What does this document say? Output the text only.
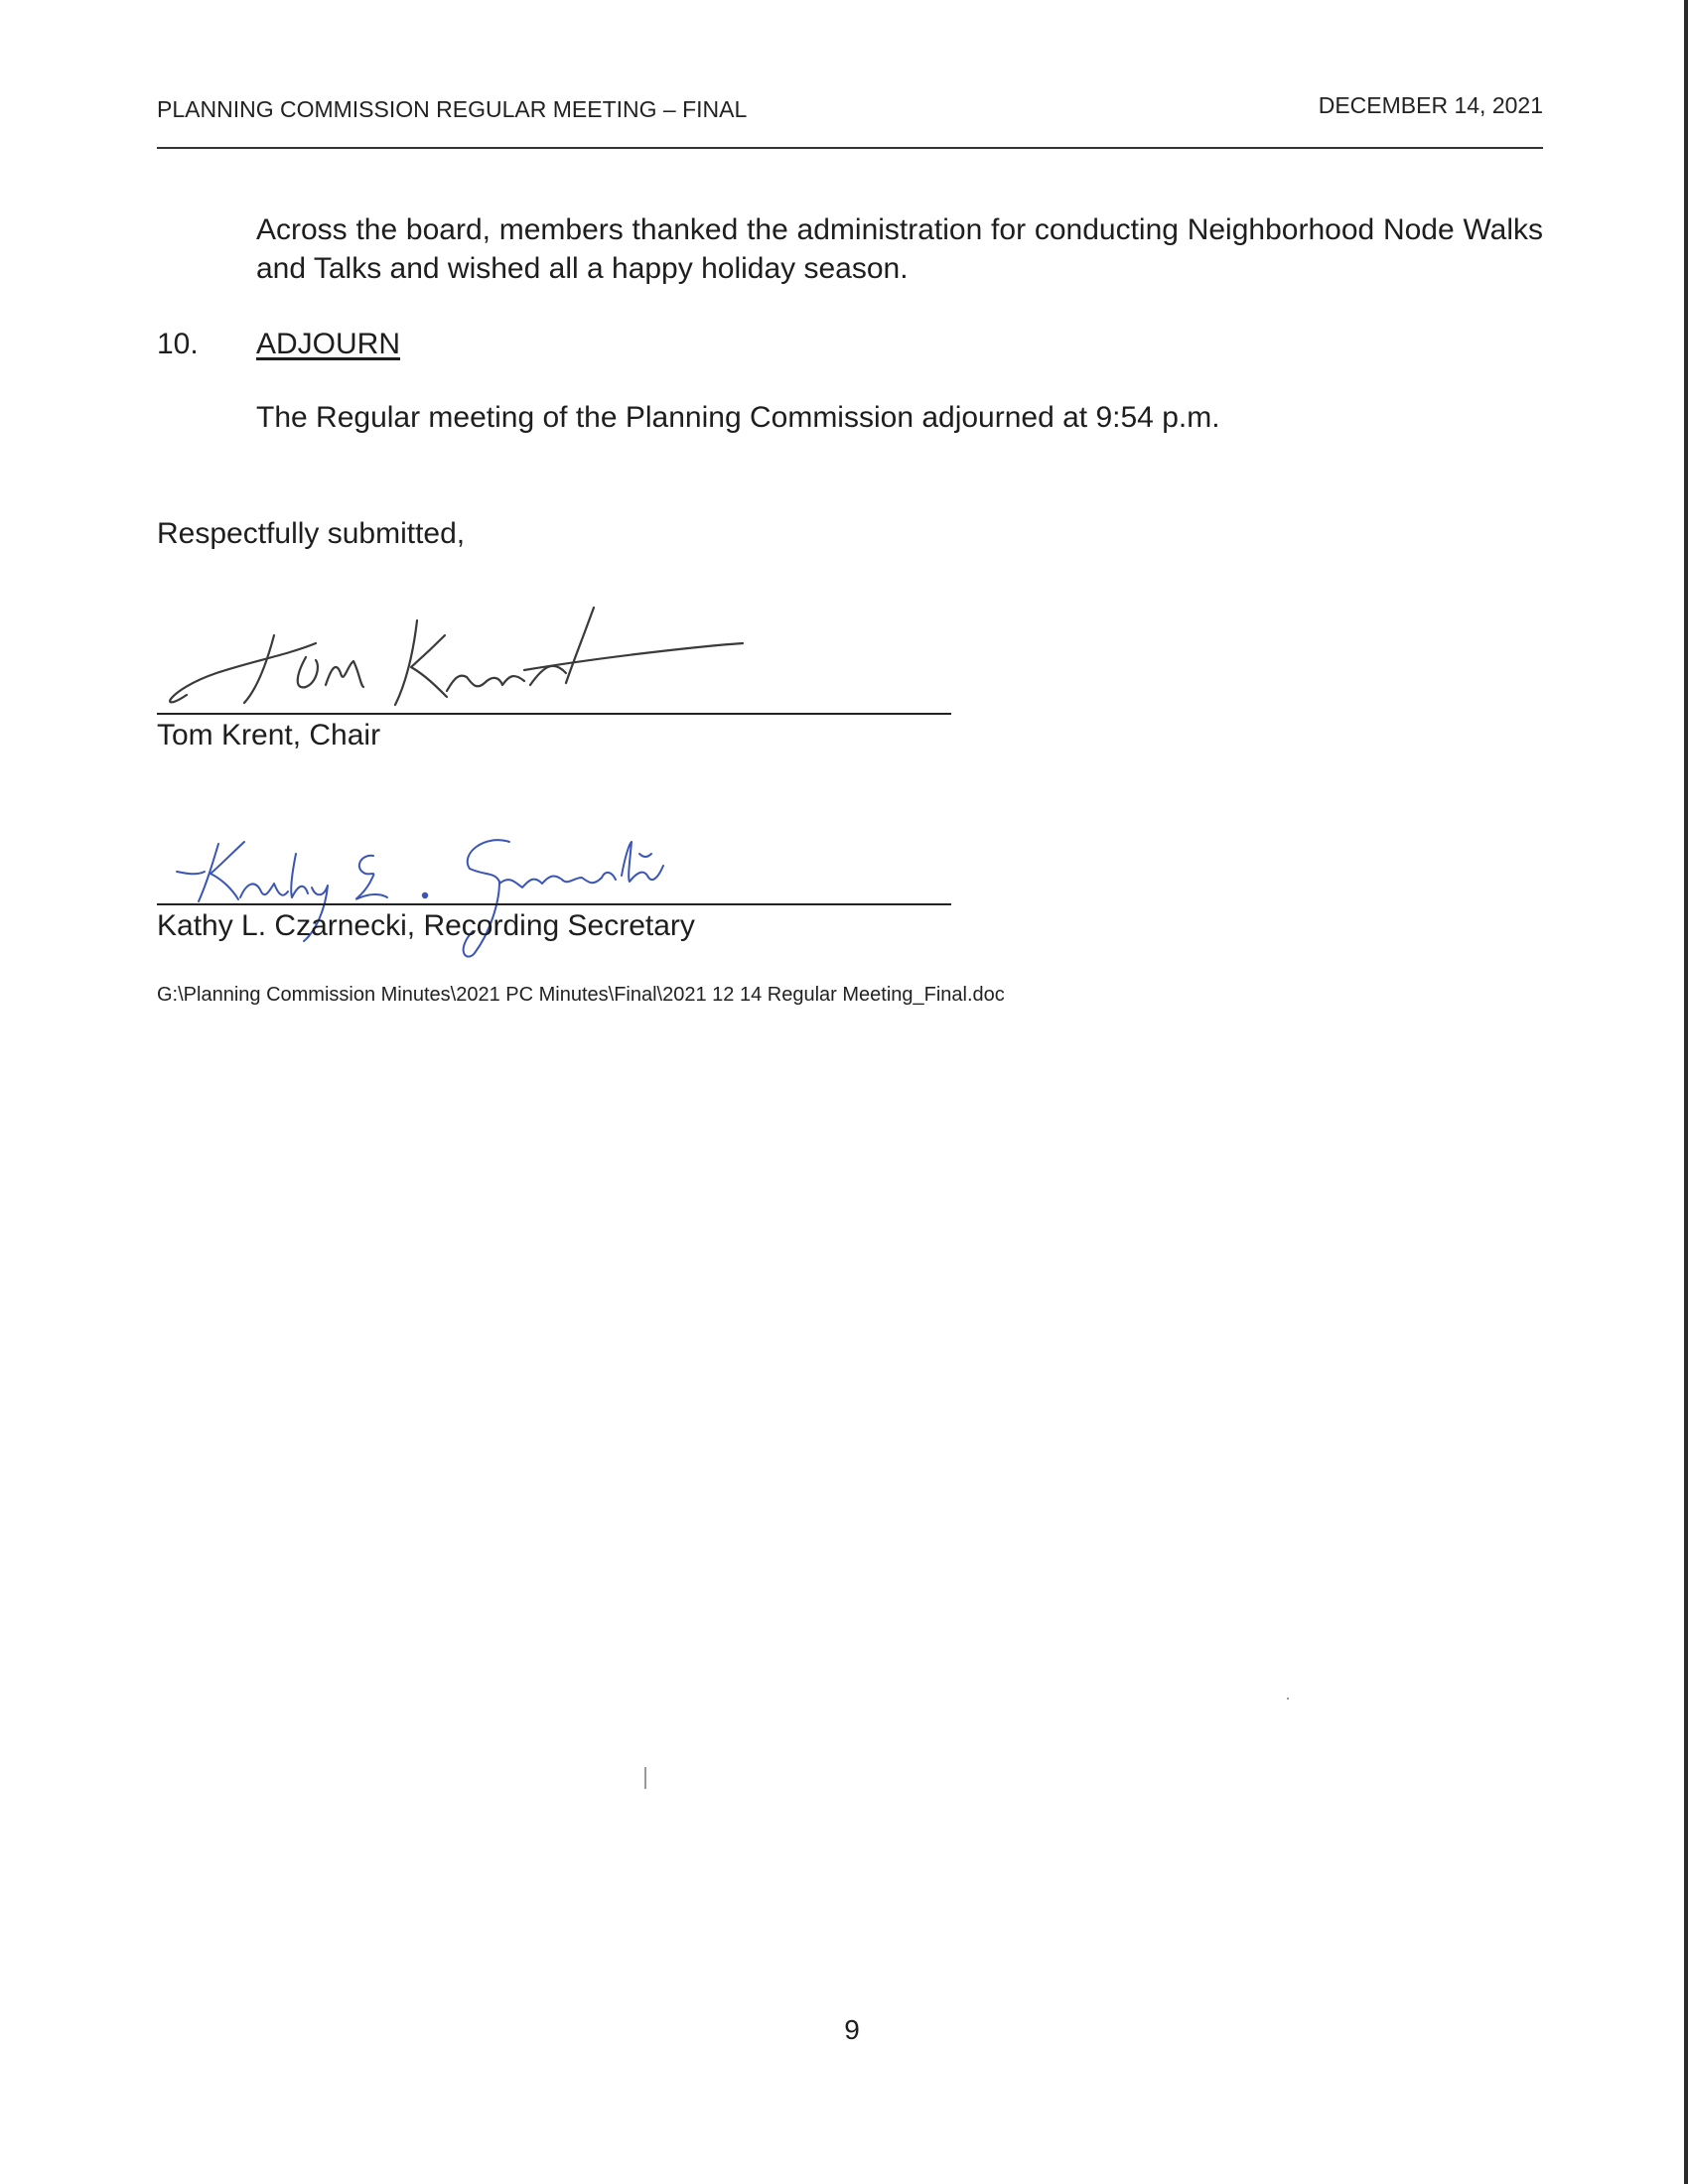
PLANNING COMMISSION REGULAR MEETING – FINAL	DECEMBER 14, 2021
Across the board, members thanked the administration for conducting Neighborhood Node Walks and Talks and wished all a happy holiday season.
10. ADJOURN
The Regular meeting of the Planning Commission adjourned at 9:54 p.m.
Respectfully submitted,
Tom Krent, Chair
Kathy L. Czarnecki, Recording Secretary
G:\Planning Commission Minutes\2021 PC Minutes\Final\2021 12 14 Regular Meeting_Final.doc
9
